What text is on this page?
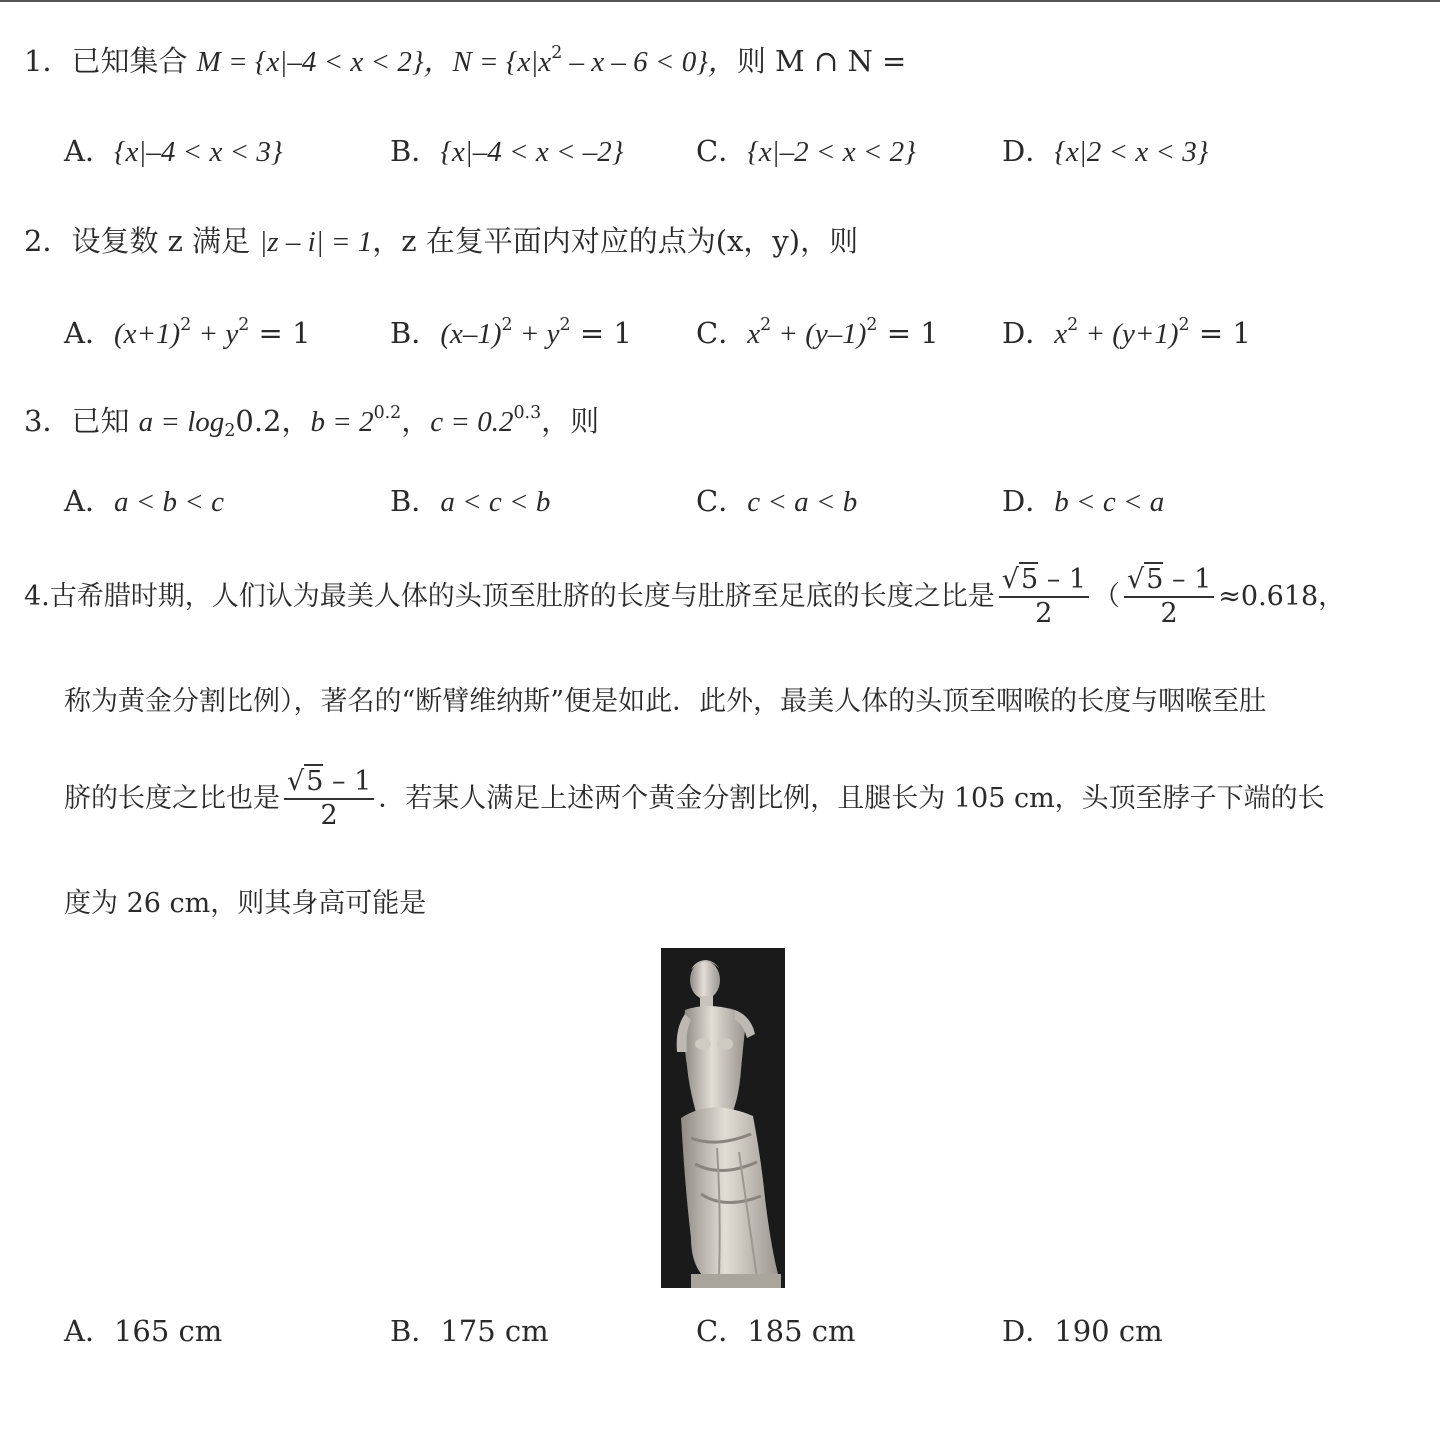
1．已知集合 M = {x|–4 < x < 2}，$N = \{x|x^2 - x - 6 < 0\}$，则 M ∩ N =
A．{x|–4 < x < 3}	B．{x|–4 < x < –2}	C．{x|–2 < x < 2}	D．{x|2 < x < 3}
2．设复数 z 满足 |z – i| = 1，z 在复平面内对应的点为(x，y)，则
A．$(x+1)^2 + y^2 = 1$	B．$(x-1)^2 + y^2 = 1$ C．$x^2 + (y-1)^2 = 1$ D．$x^2 + (y+1)^2 = 1$
3．已知 $a = \log_20.2$，$b = 2^{0.2}$，$c = 0.2^{0.3}$，则
A．a < b < c	B．a < c < b	C．c < a < b	D．b < c < a
4.古希腊时期，人们认为最美人体的头顶至肚脐的长度与肚脐至足底的长度之比是 $\frac{√5 - 1}{2}$ （ $\frac{√5 - 1}{2} \approx 0.618$，
称为黄金分割比例），著名的“断臂维纳斯”便是如此．此外，最美人体的头顶至咽喉的长度与咽喉至肚
脐的长度之比也是 $\frac{√5 - 1}{2}$ ．若某人满足上述两个黄金分割比例，且腿长为 105 cm，头顶至脖子下端的长
度为 26 cm，则其身高可能是
A．165 cm	B．175 cm	C．185 cm	D．190 cm
